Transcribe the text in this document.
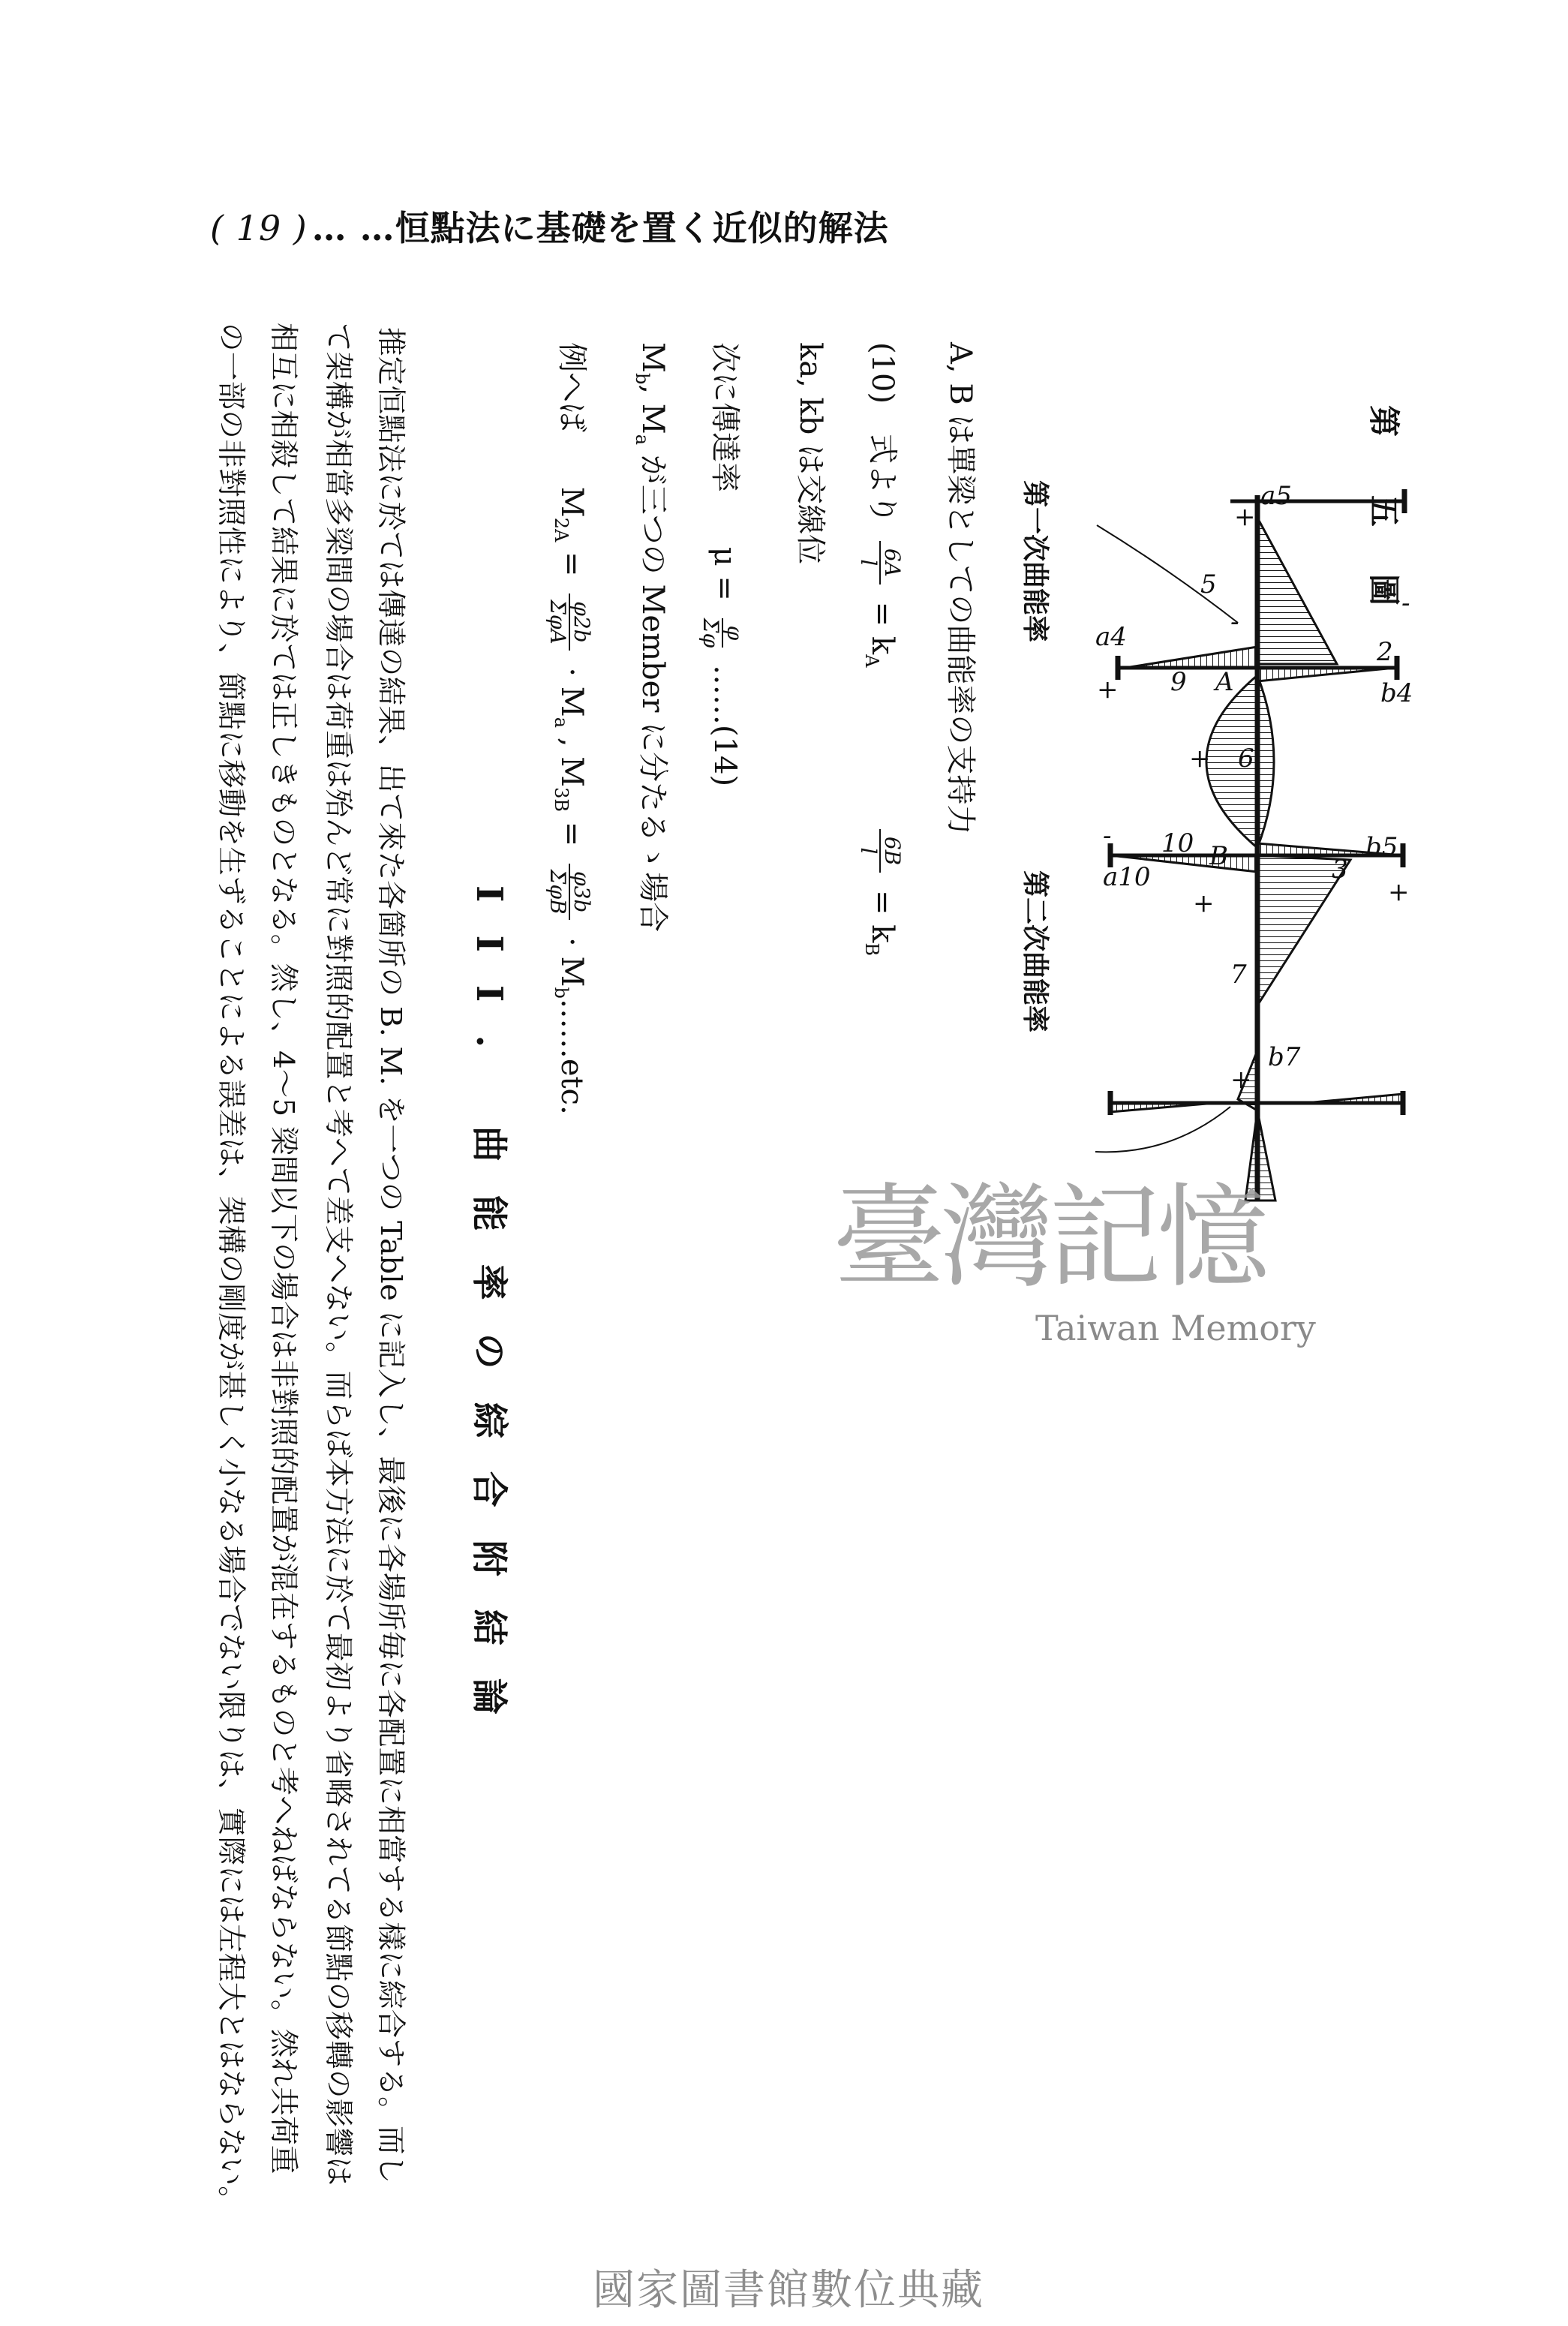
( 19 ) … …恒點法に基礎を置く近似的解法
a5
+
5
-
2
-
b4
a4
9 A
+
+ 6
B
10
a10
-
3
b5
+
+
7
b7
+
第
五
圖
第一次曲能率
第二次曲能率
A, B は單梁としての曲能率の支持力
(10)　式より
6A
l
= $k_A$
6B
l
= $k_B$
ka, kb は交線位
次に傳達率 μ =
φ
Σφ
……(14)
$M_b$, $M_a$ が三つの Member に分たるゝ場合
例へば $M_{2A}$ =
φ2b
ΣφA
· $M_a$ , $M_{3B}$ =
φ3b
ΣφB
· $M_b\dots\dots etc$.
III. 曲能率の綜合附結論
推定恒點法に於ては傳達の結果、出て來た各箇所の B. M. を一つの Table に記入し、最後に各場所毎に各配置に相當する樣に綜合する。而し
て架構が相當多梁間の場合は荷重は殆んど常に對照的配置と考へて差支へない。而らば本方法に於て最初より省略されてる節點の移轉の影響は
相互に相殺して結果に於ては正しきものとなる。然し、4～5 梁間以下の場合は非對照的配置が混在するものと考へねばならない。然れ共荷重
の一部の非對照性により、節點に移動を生ずることによる誤差は、架構の剛度が甚しく小なる場合でない限りは、實際には左程大とはならない。	臺灣記憶
Taiwan Memory
國家圖書館數位典藏
